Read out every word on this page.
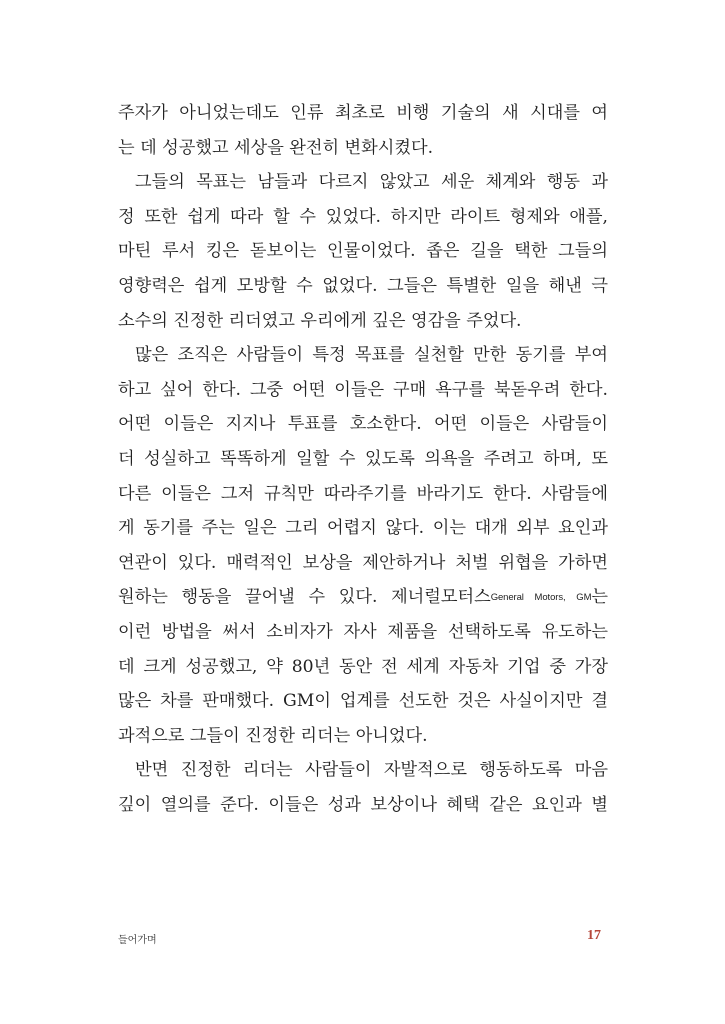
주자가 아니었는데도 인류 최초로 비행 기술의 새 시대를 여
는 데 성공했고 세상을 완전히 변화시켰다.
그들의 목표는 남들과 다르지 않았고 세운 체계와 행동 과
정 또한 쉽게 따라 할 수 있었다. 하지만 라이트 형제와 애플,
마틴 루서 킹은 돋보이는 인물이었다. 좁은 길을 택한 그들의
영향력은 쉽게 모방할 수 없었다. 그들은 특별한 일을 해낸 극
소수의 진정한 리더였고 우리에게 깊은 영감을 주었다.
많은 조직은 사람들이 특정 목표를 실천할 만한 동기를 부여
하고 싶어 한다. 그중 어떤 이들은 구매 욕구를 북돋우려 한다.
어떤 이들은 지지나 투표를 호소한다. 어떤 이들은 사람들이
더 성실하고 똑똑하게 일할 수 있도록 의욕을 주려고 하며, 또
다른 이들은 그저 규칙만 따라주기를 바라기도 한다. 사람들에
게 동기를 주는 일은 그리 어렵지 않다. 이는 대개 외부 요인과
연관이 있다. 매력적인 보상을 제안하거나 처벌 위협을 가하면
원하는 행동을 끌어낼 수 있다. 제너럴모터스General Motors, GM는
이런 방법을 써서 소비자가 자사 제품을 선택하도록 유도하는
데 크게 성공했고, 약 80년 동안 전 세계 자동차 기업 중 가장
많은 차를 판매했다. GM이 업계를 선도한 것은 사실이지만 결
과적으로 그들이 진정한 리더는 아니었다.
반면 진정한 리더는 사람들이 자발적으로 행동하도록 마음
깊이 열의를 준다. 이들은 성과 보상이나 혜택 같은 요인과 별
들어가며	17
